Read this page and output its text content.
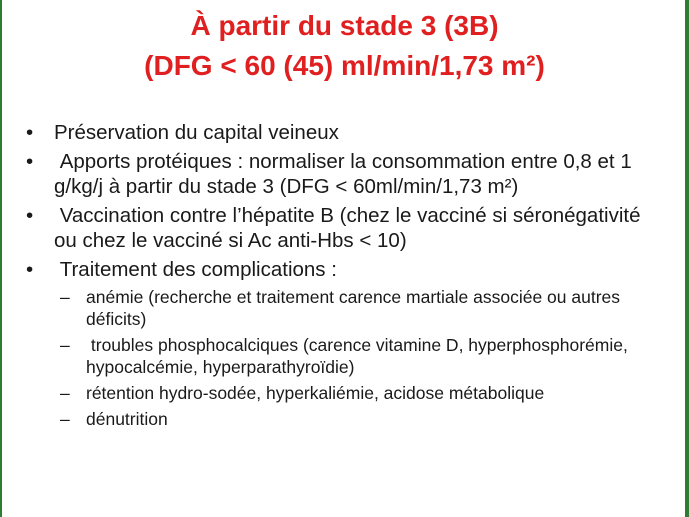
À partir du stade 3 (3B)
(DFG < 60 (45) ml/min/1,73 m²)
•	Préservation du capital veineux
•	Apports protéiques : normaliser la consommation entre 0,8 et 1 g/kg/j à partir du stade 3 (DFG < 60ml/min/1,73 m²)
•	Vaccination contre l’hépatite B (chez le vacciné si séronégativité ou chez le vacciné si Ac anti-Hbs < 10)
•	Traitement des complications :
– anémie (recherche et traitement carence martiale associée ou autres déficits)
– troubles phosphocalciques (carence vitamine D, hyperphosphorémie, hypocalcémie, hyperparathyroïdie)
– rétention hydro-sodée, hyperkaliémie, acidose métabolique
– dénutrition
